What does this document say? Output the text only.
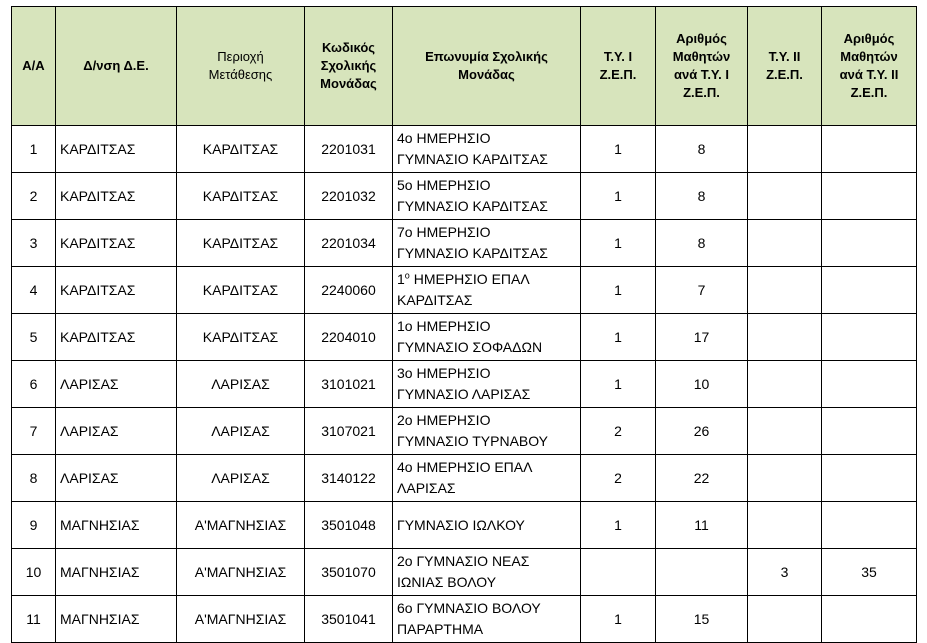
Α/Α	Δ/νση Δ.Ε.	Περιοχή Μετάθεσης	Κωδικός Σχολικής Μονάδας	Επωνυμία Σχολικής Μονάδας	Τ.Υ. Ι Ζ.Ε.Π.	Αριθμός Μαθητών ανά Τ.Υ. Ι Ζ.Ε.Π.	Τ.Υ. ΙΙ Ζ.Ε.Π.	Αριθμός Μαθητών ανά Τ.Υ. ΙΙ Ζ.Ε.Π.
1	ΚΑΡΔΙΤΣΑΣ	ΚΑΡΔΙΤΣΑΣ	2201031	4ο ΗΜΕΡΗΣΙΟ
ΓΥΜΝΑΣΙΟ ΚΑΡΔΙΤΣΑΣ	1	8		
2	ΚΑΡΔΙΤΣΑΣ	ΚΑΡΔΙΤΣΑΣ	2201032	5ο ΗΜΕΡΗΣΙΟ
ΓΥΜΝΑΣΙΟ ΚΑΡΔΙΤΣΑΣ	1	8		
3	ΚΑΡΔΙΤΣΑΣ	ΚΑΡΔΙΤΣΑΣ	2201034	7ο ΗΜΕΡΗΣΙΟ
ΓΥΜΝΑΣΙΟ ΚΑΡΔΙΤΣΑΣ	1	8		
4	ΚΑΡΔΙΤΣΑΣ	ΚΑΡΔΙΤΣΑΣ	2240060	$1^o$ ΗΜΕΡΗΣΙΟ ΕΠΑΛ
ΚΑΡΔΙΤΣΑΣ	1	7		
5	ΚΑΡΔΙΤΣΑΣ	ΚΑΡΔΙΤΣΑΣ	2204010	1ο ΗΜΕΡΗΣΙΟ
ΓΥΜΝΑΣΙΟ ΣΟΦΑΔΩΝ	1	17		
6	ΛΑΡΙΣΑΣ	ΛΑΡΙΣΑΣ	3101021	3ο ΗΜΕΡΗΣΙΟ
ΓΥΜΝΑΣΙΟ ΛΑΡΙΣΑΣ	1	10		
7	ΛΑΡΙΣΑΣ	ΛΑΡΙΣΑΣ	3107021	2ο ΗΜΕΡΗΣΙΟ
ΓΥΜΝΑΣΙΟ ΤΥΡΝΑΒΟΥ	2	26		
8	ΛΑΡΙΣΑΣ	ΛΑΡΙΣΑΣ	3140122	4ο ΗΜΕΡΗΣΙΟ ΕΠΑΛ
ΛΑΡΙΣΑΣ	2	22		
9	ΜΑΓΝΗΣΙΑΣ	Α'ΜΑΓΝΗΣΙΑΣ	3501048	ΓΥΜΝΑΣΙΟ ΙΩΛΚΟΥ	1	11		
10	ΜΑΓΝΗΣΙΑΣ	Α'ΜΑΓΝΗΣΙΑΣ	3501070	2ο ΓΥΜΝΑΣΙΟ ΝΕΑΣ
ΙΩΝΙΑΣ ΒΟΛΟΥ			3	35
11	ΜΑΓΝΗΣΙΑΣ	Α'ΜΑΓΝΗΣΙΑΣ	3501041	6ο ΓΥΜΝΑΣΙΟ ΒΟΛΟΥ
ΠΑΡΑΡΤΗΜΑ	1	15		
